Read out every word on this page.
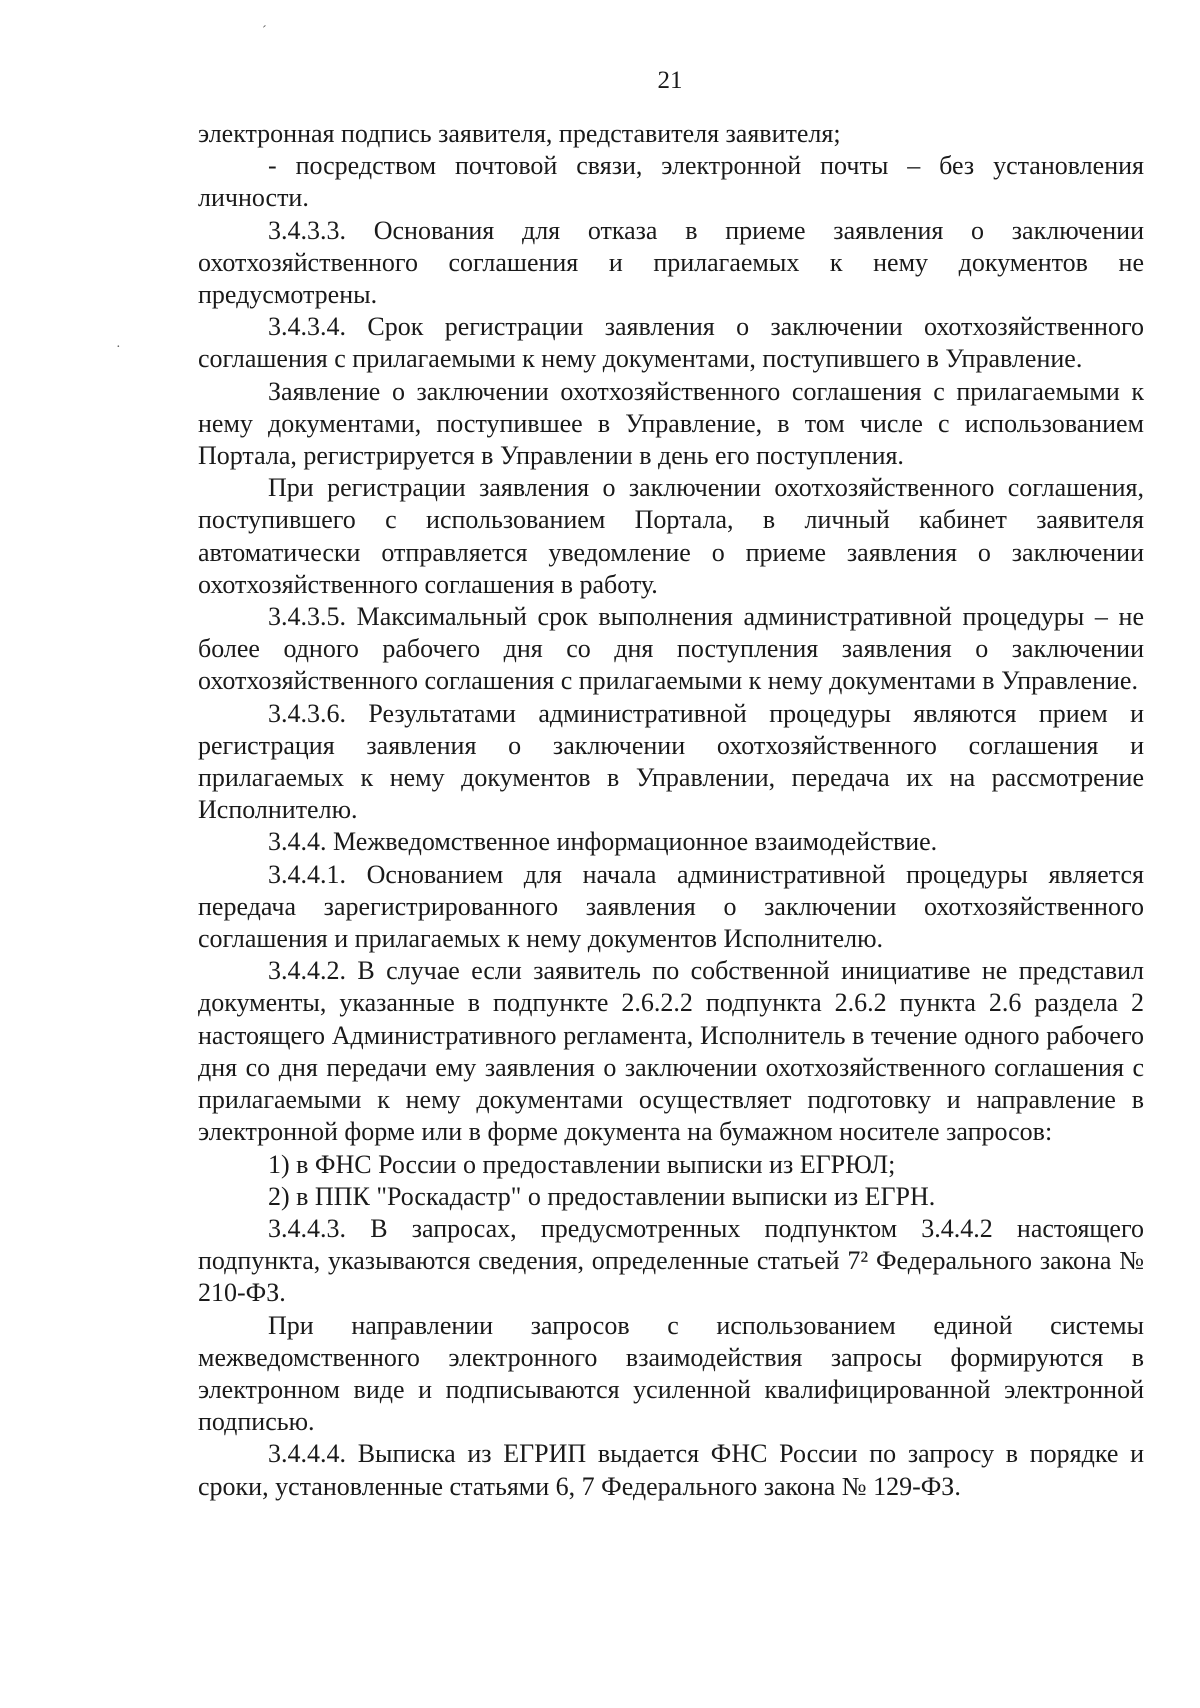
´
·
21

электронная подпись заявителя, представителя заявителя;

- посредством почтовой связи, электронной почты – без установления личности.

3.4.3.3. Основания для отказа в приеме заявления о заключении охотхозяйственного соглашения и прилагаемых к нему документов не предусмотрены.

3.4.3.4. Срок регистрации заявления о заключении охотхозяйственного соглашения с прилагаемыми к нему документами, поступившего в Управление.

Заявление о заключении охотхозяйственного соглашения с прилагаемыми к нему документами, поступившее в Управление, в том числе с использованием Портала, регистрируется в Управлении в день его поступления.

При регистрации заявления о заключении охотхозяйственного соглашения, поступившего с использованием Портала, в личный кабинет заявителя автоматически отправляется уведомление о приеме заявления о заключении охотхозяйственного соглашения в работу.

3.4.3.5. Максимальный срок выполнения административной процедуры – не более одного рабочего дня со дня поступления заявления о заключении охотхозяйственного соглашения с прилагаемыми к нему документами в Управление.

3.4.3.6. Результатами административной процедуры являются прием и регистрация заявления о заключении охотхозяйственного соглашения и прилагаемых к нему документов в Управлении, передача их на рассмотрение Исполнителю.

3.4.4. Межведомственное информационное взаимодействие.

3.4.4.1. Основанием для начала административной процедуры является передача зарегистрированного заявления о заключении охотхозяйственного соглашения и прилагаемых к нему документов Исполнителю.

3.4.4.2. В случае если заявитель по собственной инициативе не представил документы, указанные в подпункте 2.6.2.2 подпункта 2.6.2 пункта 2.6 раздела 2 настоящего Административного регламента, Исполнитель в течение одного рабочего дня со дня передачи ему заявления о заключении охотхозяйственного соглашения с прилагаемыми к нему документами осуществляет подготовку и направление в электронной форме или в форме документа на бумажном носителе запросов:

1) в ФНС России о предоставлении выписки из ЕГРЮЛ;

2) в ППК "Роскадастр" о предоставлении выписки из ЕГРН.

3.4.4.3. В запросах, предусмотренных подпунктом 3.4.4.2 настоящего подпункта, указываются сведения, определенные статьей 7² Федерального закона № 210-ФЗ.

При направлении запросов с использованием единой системы межведомственного электронного взаимодействия запросы формируются в электронном виде и подписываются усиленной квалифицированной электронной подписью.

3.4.4.4. Выписка из ЕГРИП выдается ФНС России по запросу в порядке и сроки, установленные статьями 6, 7 Федерального закона № 129-ФЗ.
